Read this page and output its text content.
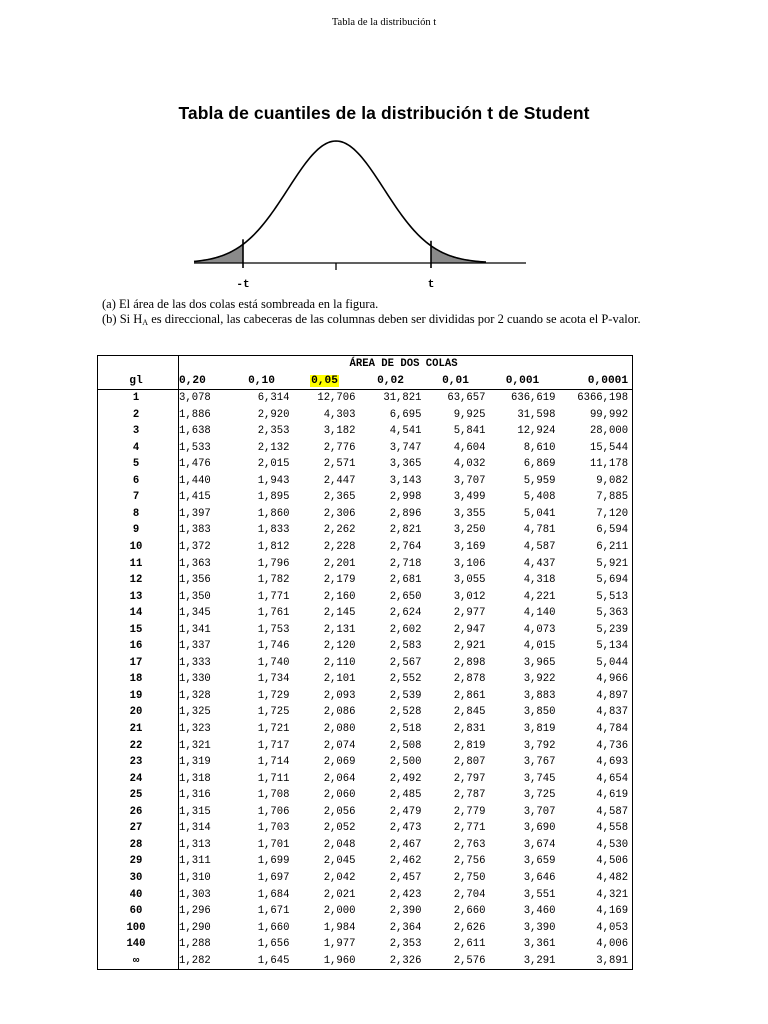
Tabla de la distribución t
Tabla de cuantiles de la distribución t de Student
-t	t
(a) El área de las dos colas está sombreada en la figura.
(b) Si $H_A$ es direccional, las cabeceras de las columnas deben ser divididas por 2 cuando se acota el P-valor.
	ÁREA DE DOS COLAS						
gl	0,20	0,10	0,05	0,02	0,01	0,001	0,0001
1	3,078	6,314	12,706	31,821	63,657	636,619	6366,198
2	1,886	2,920	4,303	6,695	9,925	31,598	99,992
3	1,638	2,353	3,182	4,541	5,841	12,924	28,000
4	1,533	2,132	2,776	3,747	4,604	8,610	15,544
5	1,476	2,015	2,571	3,365	4,032	6,869	11,178
6	1,440	1,943	2,447	3,143	3,707	5,959	9,082
7	1,415	1,895	2,365	2,998	3,499	5,408	7,885
8	1,397	1,860	2,306	2,896	3,355	5,041	7,120
9	1,383	1,833	2,262	2,821	3,250	4,781	6,594
10	1,372	1,812	2,228	2,764	3,169	4,587	6,211
11	1,363	1,796	2,201	2,718	3,106	4,437	5,921
12	1,356	1,782	2,179	2,681	3,055	4,318	5,694
13	1,350	1,771	2,160	2,650	3,012	4,221	5,513
14	1,345	1,761	2,145	2,624	2,977	4,140	5,363
15	1,341	1,753	2,131	2,602	2,947	4,073	5,239
16	1,337	1,746	2,120	2,583	2,921	4,015	5,134
17	1,333	1,740	2,110	2,567	2,898	3,965	5,044
18	1,330	1,734	2,101	2,552	2,878	3,922	4,966
19	1,328	1,729	2,093	2,539	2,861	3,883	4,897
20	1,325	1,725	2,086	2,528	2,845	3,850	4,837
21	1,323	1,721	2,080	2,518	2,831	3,819	4,784
22	1,321	1,717	2,074	2,508	2,819	3,792	4,736
23	1,319	1,714	2,069	2,500	2,807	3,767	4,693
24	1,318	1,711	2,064	2,492	2,797	3,745	4,654
25	1,316	1,708	2,060	2,485	2,787	3,725	4,619
26	1,315	1,706	2,056	2,479	2,779	3,707	4,587
27	1,314	1,703	2,052	2,473	2,771	3,690	4,558
28	1,313	1,701	2,048	2,467	2,763	3,674	4,530
29	1,311	1,699	2,045	2,462	2,756	3,659	4,506
30	1,310	1,697	2,042	2,457	2,750	3,646	4,482
40	1,303	1,684	2,021	2,423	2,704	3,551	4,321
60	1,296	1,671	2,000	2,390	2,660	3,460	4,169
100	1,290	1,660	1,984	2,364	2,626	3,390	4,053
140	1,288	1,656	1,977	2,353	2,611	3,361	4,006
∞	1,282	1,645	1,960	2,326	2,576	3,291	3,891
